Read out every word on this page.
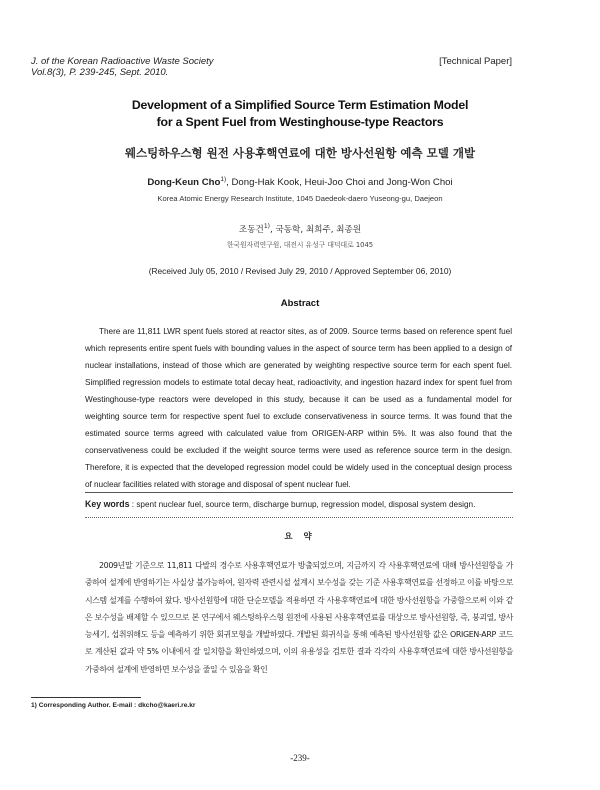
J. of the Korean Radioactive Waste Society
Vol.8(3), P. 239-245, Sept. 2010.
[Technical Paper]
Development of a Simplified Source Term Estimation Model
for a Spent Fuel from Westinghouse-type Reactors
웨스팅하우스형 원전 사용후핵연료에 대한 방사선원항 예측 모델 개발
Dong-Keun Cho$^{1)}$, Dong-Hak Kook, Heui-Joo Choi and Jong-Won Choi
Korea Atomic Energy Research Institute, 1045 Daedeok-daero Yuseong-gu, Daejeon
조동건$^{1)}$, 국동학, 최희주, 최종원
한국원자력연구원, 대전시 유성구 대덕대로 1045
(Received July 05, 2010 / Revised July 29, 2010 / Approved September 06, 2010)
Abstract
There are 11,811 LWR spent fuels stored at reactor sites, as of 2009. Source terms based on reference spent fuel which represents entire spent fuels with bounding values in the aspect of source term has been applied to a design of nuclear installations, instead of those which are generated by weighting respective source term for each spent fuel. Simplified regression models to estimate total decay heat, radioactivity, and ingestion hazard index for spent fuel from Westinghouse-type reactors were developed in this study, because it can be used as a fundamental model for weighting source term for respective spent fuel to exclude conservativeness in source terms. It was found that the estimated source terms agreed with calculated value from ORIGEN-ARP within 5%. It was also found that the conservativeness could be excluded if the weight source terms were used as reference source term in the design. Therefore, it is expected that the developed regression model could be widely used in the conceptual design process of nuclear facilities related with storage and disposal of spent nuclear fuel.
Key words : spent nuclear fuel, source term, discharge burnup, regression model, disposal system design.
요 약
2009년말 기준으로 11,811 다발의 경수로 사용후핵연료가 방출되었으며, 지금까지 각 사용후핵연료에 대해 방사선원항을 가중하여 설계에 반영하기는 사실상 불가능하여, 원자력 관련시설 설계시 보수성을 갖는 기준 사용후핵연료를 선정하고 이를 바탕으로 시스템 설계를 수행하여 왔다. 방사선원항에 대한 단순모델을 적용하면 각 사용후핵연료에 대한 방사선원항을 가중함으로써 이와 같은 보수성을 배제할 수 있으므로 본 연구에서 웨스팅하우스형 원전에 사용된 사용후핵연료를 대상으로 방사선원항, 즉, 붕괴열, 방사능세기, 섭취위해도 등을 예측하기 위한 회귀모형을 개발하였다. 개발된 회귀식을 통해 예측된 방사선원항 값은 ORIGEN-ARP 코드로 계산된 값과 약 5% 이내에서 잘 일치함을 확인하였으며, 이의 유용성을 검토한 결과 각각의 사용후핵연료에 대한 방사선원항을 가중하여 설계에 반영하면 보수성을 줄일 수 있음을 확인
1) Corresponding Author. E-mail : dkcho@kaeri.re.kr
-239-
